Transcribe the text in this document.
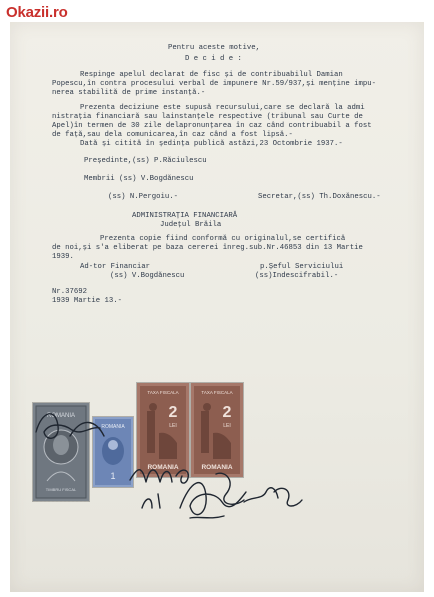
Okazii.ro
Pentru aceste motive,
D e c i d e :
Respinge apelul declarat de fisc și de contribuabilul Damian
Popescu,în contra procesului verbal de impunere Nr.59/937,și menține impu-
nerea stabilită de prime instanță.-
Prezenta deciziune este supusă recursului,care se declară la admi
nistrația financiară sau lainstanțele respective (tribunal sau Curte de
Apel)în termen de 30 zile delapronunțarea în caz când contribuabil a fost
de față,sau dela comunicarea,în caz când a fost lipsă.-
Dată și citită în ședința publică astăzi,23 Octombrie 1937.-
Președinte,(ss) P.Răciulescu
Membrii (ss) V.Bogdănescu
(ss) N.Pergoiu.-	Secretar,(ss) Th.Doxănescu.-
ADMINISTRAȚIA FINANCIARĂ
Județul Brăila
Prezenta copie fiind conformă cu originalul,se certifică
de noi,și s'a eliberat pe baza cererei înreg.sub.Nr.46853 din 13 Martie
1939.
Ad-tor Financiar
(ss) V.Bogdănescu
p.Șeful Serviciului
(ss)Indescifrabil.-
Nr.37692
1939 Martie 13.-
ROMANIA
TIMBRU FISCAL
ROMANIA
1
TAXA FISCALA
2
LEI
ROMANIA
TAXA FISCALA
2
LEI
ROMANIA
